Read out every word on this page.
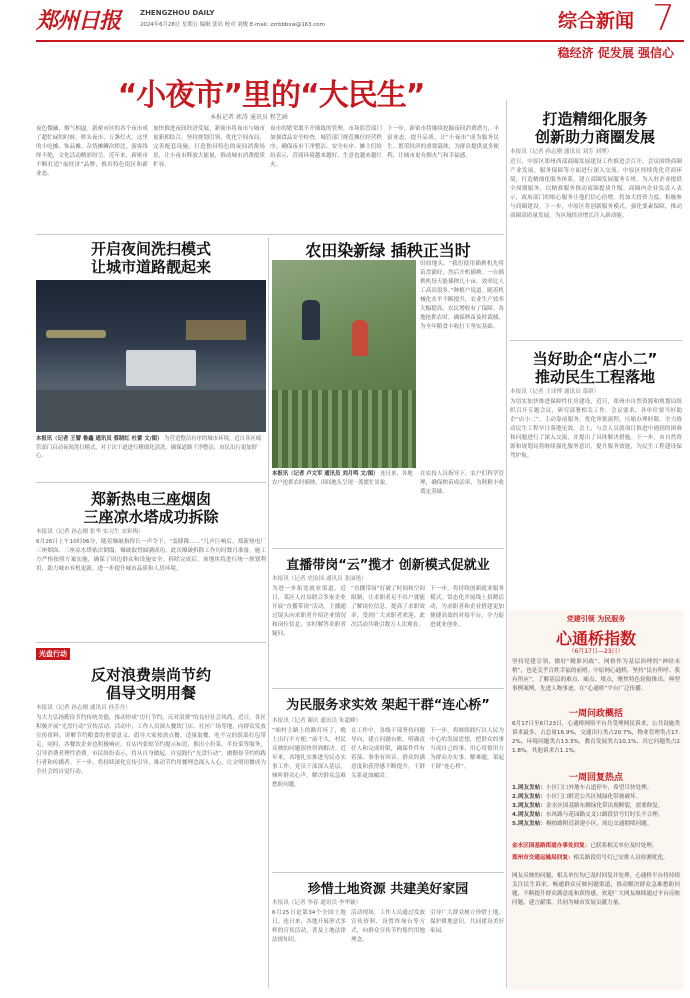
郑州日报	ZHENGZHOU DAILY
2024年6月28日 星期五 编辑 张培 校对 刘俊 E-mail: zzrbbbxw@163.com	综合新闻 7
稳经济 促发展 强信心
“小夜市”里的“大民生”
本报记者 郭涛 通讯员 程艺涵
夜色微融，烟气相逼。新密市区的各个夜市成了超忙碌的时候，桥头夜市，万盏灯火。这里的小吃摊、饰品摊、杂货摊鳞次栉比，游客络绎不绝，文化活动精彩纷呈。近年来，新密市不断打造“夜经济”品牌，推出特色街区和新业态。
加快推进夜间经济发展，新密市将夜市与城市更新相结合，坚持规划引领，优化空间布局，完善配套设施，打造独具特色的夜间消费场景，让小夜市释放大能量，推动城市消费提质扩容。
夜市的繁荣离不开细致的管理。市场监管部门加强食品安全检查，城管部门规范摊位经营秩序，确保夜市干净整洁、安全有序。摊主们纷纷表示，营商环境越来越好，生意也越来越红火。
下一步，新密市将继续挖掘夜间消费潜力，丰富业态，提升品质，让“小夜市”成为服务民生、繁荣经济的重要载体，为群众提供更多便利，让城市更有烟火气和幸福感。
打造精细化服务
创新助力商圈发展
本报讯（记者 孙志刚 通讯员 刘芳 刘博）
近日，中原区郑州西部商圈发展建设工作推进会召开，会议围绕商圈产业发展、服务保障等方面进行深入交流。中原区持续优化营商环境，打造精细化服务体系，建立商圈发展服务专班，为入驻企业提供全周期服务，以精准服务推动商圈提质升级。商圈内企业负责人表示，政府部门的贴心服务让他们信心倍增，将加大投资力度，积极参与商圈建设。下一步，中原区将创新服务模式，强化要素保障，推动商圈高质量发展，为区域经济增长注入新动能。
开启夜间洗扫模式
让城市道路靓起来
本报讯（记者 王譬 鲁鑫 通讯员 蔡晓红 杜蕾 文/图） 为营造整洁有序的城市环境，近日各区城管部门启动夜间洗扫模式，对主次干道进行精细化清洗，确保道路干净整洁，市民出行更加舒心。
农田染新绿 插秧正当时
田间地头，“我们使用插秧机先将苗盘铺好，然后开机插秧。一台插秧机每天能插秧几十亩，效率比人工高出很多。”种植户说道。随着机械化水平不断提升，农业生产效率大幅提高，农民增收有了保障。各地抢抓农时，确保秧苗及时栽插，为全年粮食丰收打下坚实基础。
本报讯（记者 卢文军 通讯员 刘月鸣 文/图） 连日来，各地农户抢抓农时插秧，田间地头呈现一派繁忙景象。
在农技人员指导下，农户们科学管理，确保秧苗成活率，为秋粮丰收奠定基础。
当好助企“店小二”
推动民生工程落地
本报讯（记者 王译博 通讯员 慕群）
为切实加快推进保障性住房建设，近日，郑州市自然资源和规划局组织召开专题会议，研究部署相关工作。会议要求，各单位要当好助企“店小二”，主动靠前服务，优化审批流程，压缩办理时限，全力推动民生工程早日落地见效。会上，与会人员就项目推进中遇到的困难和问题进行了深入交流，并提出了具体解决措施。下一步，市自然资源和规划局将继续强化服务意识，提升服务效能，为民生工程建设保驾护航。
郑新热电三座烟囱
三座凉水塔成功拆除
本报讯（记者 孙志刚 张华 实习生 宋彩梅）
6月26日上午10时06分，随着爆破指挥长一声令下，“轰隆隆……”几声巨响后，郑新热电厂三座烟囱、三座凉水塔依次倒塌，爆破取得圆满成功。此次爆破拆除工作历时数月准备，施工方严格按照方案实施，确保了周边群众和设施安全。拆除完成后，该地块将进行统一规划利用，助力城市有机更新，进一步提升城市品质和人居环境。
光盘行动
反对浪费崇尚节约
倡导文明用餐
本报讯（记者 孙志刚 通讯员 孙芳丹）
为大力弘扬勤俭节约传统美德，推动形成“厉行节约、反对浪费”的良好社会风尚，近日，各区积极开展“光盘行动”宣传活动。活动中，工作人员深入餐饮门店、社区广场等地，向群众发放宣传资料，讲解节约粮食的重要意义，倡导大家按需点餐、适量取餐，吃不完的饭菜打包带走。同时，各餐饮企业也积极响应，在店内张贴节约提示标语，推出小份菜、半份菜等服务，引导消费者理性消费。市民纷纷表示，将从自身做起，自觉践行“光盘行动”，做勤俭节约的践行者和传播者。下一步，将持续深化宣传引导，推动节约用餐理念深入人心，让文明用餐成为全社会的自觉行动。
直播带岗“云”揽才 创新模式促就业
本报讯（记者 史治国 通讯员 张丽艳）
为进一步拓宽就业渠道，近日，某区人社局联合多家企业开展“直播带岗”活动。主播通过镜头向求职者介绍企业情况和岗位信息，实时解答求职者疑问。
“直播带岗”打破了时间和空间限制，让求职者足不出户就能了解岗位信息，提高了求职效率，受到广大求职者欢迎。此次活动共吸引数万人次观看。
下一步，将持续创新就业服务模式，常态化开展线上招聘活动，为求职者和企业搭建更加便捷高效的对接平台，全力促进就业创业。
为民服务求实效 架起干群“连心桥”
本报讯（记者 谢庆 通讯员 朱超峰）
“咱村主路上的路灯坏了，晚上出行不方便。”前不久，村民反映的问题很快得到解决。近年来，各地扎实推进为民办实事工作，党员干部深入基层，倾听群众心声，解决群众急难愁盼问题。
在工作中，各级干部坚持问题导向，建立问题台账，明确责任人和完成时限，确保件件有着落、事事有回音。群众的满意度和获得感不断提升，干群关系更加融洽。
下一步，将继续践行以人民为中心的发展思想，把群众的事当成自己的事，用心用情用力为群众办实事、解难题，架起干群“连心桥”。
珍惜土地资源 共建美好家园
本报讯（记者 李春 通讯员 李华颖）
6月25日是第34个全国土地日。连日来，各地开展形式多样的宣传活动，普及土地法律法规知识。
活动现场，工作人员通过发放宣传资料、设置咨询台等方式，向群众宣传节约集约用地理念。
引导广大群众树立珍惜土地、保护耕地意识，共同建设美好家园。
党建引领 为民服务
心通桥指数
（6月17日—23日）
坚持党建引领，做好“精准问政”，网格作为基层治理的“神经末梢”，也是关乎百姓幸福的前哨。中原网心通桥，坚持“民有所呼、我有所应”，了解基层的难点、痛点、堵点，聚焦特色轮般推出，典型事例案例，先进人物事迹，在“心通桥”平台广泛传播。
一周问政概括
6月17日至6月23日，心通桥网络平台共受理网民诉求，公共设施类诉求最多，占总量16.9%，交通出行类占20.7%，物业管理类占17.2%，环境问题类占13.3%，教育发展类占10.1%，其它问题类占21.8%。其他诉求占1.1%。
一周回复热点
1.网友发帖：小区门口外地车占道停车，希望尽快处理。
2.网友发帖：小区门口附近公共区域绿化带被破坏。
3.网友发帖：金水区国基路东侧绿化带出现断裂，需要修复。
4.网友发帖：东风路与花园路交叉口路段信号灯时长不合理。
5.网友发帖：桐柏路附近新建小区，周边交通拥堵问题。
金水区国基路街道办事处回复：已联系相关单位及时处理。
郑州市交通运输局回复：相关路段信号灯已安排人员检测优化。
网友反映的问题，相关单位均已及时回复并处理。心通桥平台将持续关注民生诉求，畅通群众反映问题渠道，推动解决群众急难愁盼问题，不断提升群众满意度和获得感。欢迎广大网友继续通过平台反映问题、建言献策，共同为城市发展贡献力量。
